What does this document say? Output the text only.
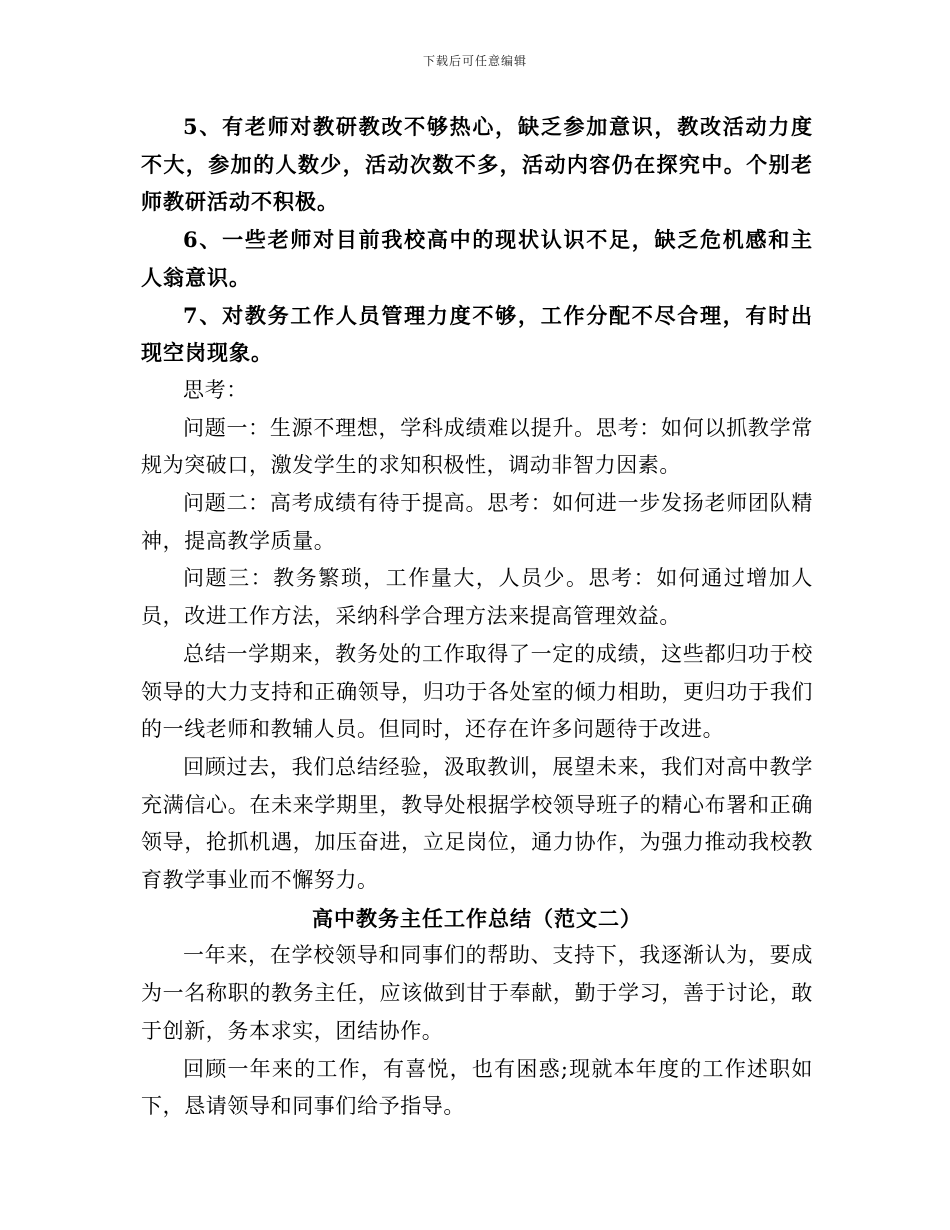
下载后可任意编辑

5、有老师对教研教改不够热心，缺乏参加意识，教改活动力度不大，参加的人数少，活动次数不多，活动内容仍在探究中。个别老师教研活动不积极。

6、一些老师对目前我校高中的现状认识不足，缺乏危机感和主人翁意识。

7、对教务工作人员管理力度不够，工作分配不尽合理，有时出现空岗现象。

思考：

问题一：生源不理想，学科成绩难以提升。思考：如何以抓教学常规为突破口，激发学生的求知积极性，调动非智力因素。

问题二：高考成绩有待于提高。思考：如何进一步发扬老师团队精神，提高教学质量。

问题三：教务繁琐，工作量大，人员少。思考：如何通过增加人员，改进工作方法，采纳科学合理方法来提高管理效益。

总结一学期来，教务处的工作取得了一定的成绩，这些都归功于校领导的大力支持和正确领导，归功于各处室的倾力相助，更归功于我们的一线老师和教辅人员。但同时，还存在许多问题待于改进。

回顾过去，我们总结经验，汲取教训，展望未来，我们对高中教学充满信心。在未来学期里，教导处根据学校领导班子的精心布署和正确领导，抢抓机遇，加压奋进，立足岗位，通力协作，为强力推动我校教育教学事业而不懈努力。

高中教务主任工作总结（范文二）

一年来，在学校领导和同事们的帮助、支持下，我逐渐认为，要成为一名称职的教务主任，应该做到甘于奉献，勤于学习，善于讨论，敢于创新，务本求实，团结协作。

回顾一年来的工作，有喜悦，也有困惑;现就本年度的工作述职如下，恳请领导和同事们给予指导。
